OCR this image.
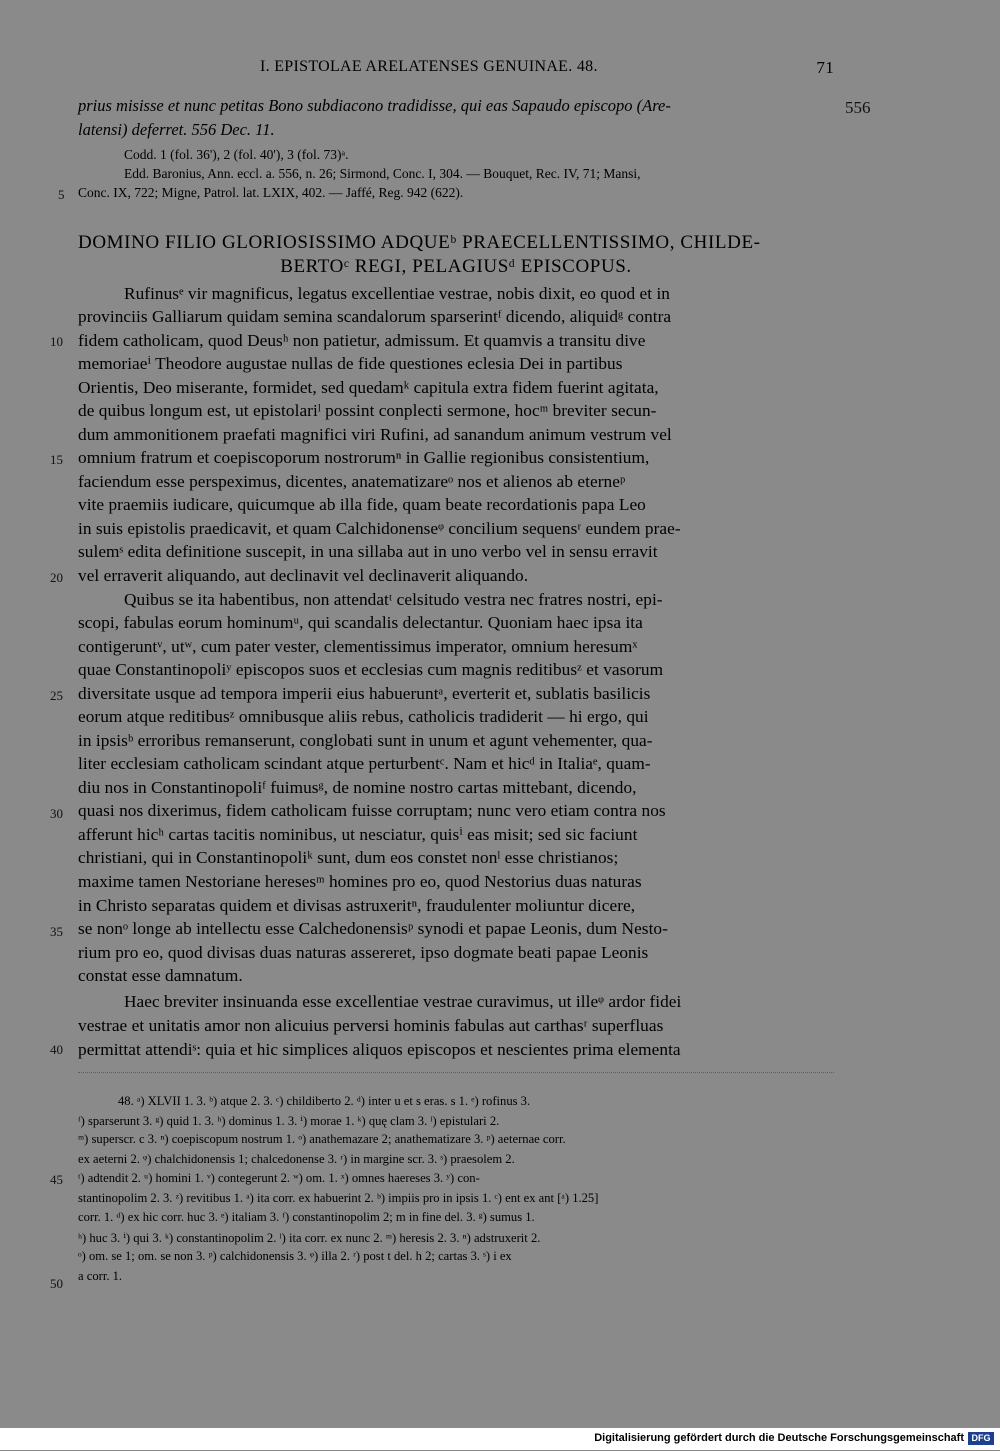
I. EPISTOLAE ARELATENSES GENUINAE. 48.	71
556
5
10
15
20
25
30
35
40
45
50
prius misisse et nunc petitas Bono subdiacono tradidisse, qui eas Sapaudo episcopo (Are-
latensi) deferret. 556 Dec. 11.
Codd. 1 (fol. 36'), 2 (fol. 40'), 3 (fol. 73)ᵃ.
Edd. Baronius, Ann. eccl. a. 556, n. 26; Sirmond, Conc. I, 304. — Bouquet, Rec. IV, 71; Mansi,
Conc. IX, 722; Migne, Patrol. lat. LXIX, 402. — Jaffé, Reg. 942 (622).
DOMINO FILIO GLORIOSISSIMO ADQUEᵇ PRAECELLENTISSIMO, CHILDE-
BERTOᶜ REGI, PELAGIUSᵈ EPISCOPUS.
Rufinusᵉ vir magnificus, legatus excellentiae vestrae, nobis dixit, eo quod et in
provinciis Galliarum quidam semina scandalorum sparserintᶠ dicendo, aliquidᵍ contra
fidem catholicam, quod Deusʰ non patietur, admissum. Et quamvis a transitu dive
memoriaeⁱ Theodore augustae nullas de fide questiones eclesia Dei in partibus
Orientis, Deo miserante, formidet, sed quedamᵏ capitula extra fidem fuerint agitata,
de quibus longum est, ut epistolariˡ possint conplecti sermone, hocᵐ breviter secun-
dum ammonitionem praefati magnifici viri Rufini, ad sanandum animum vestrum vel
omnium fratrum et coepiscoporum nostrorumⁿ in Gallie regionibus consistentium,
faciendum esse perspeximus, dicentes, anatematizareᵒ nos et alienos ab eterneᵖ
vite praemiis iudicare, quicumque ab illa fide, quam beate recordationis papa Leo
in suis epistolis praedicavit, et quam Calchidonenseᵠ concilium sequensʳ eundem prae-
sulemˢ edita definitione suscepit, in una sillaba aut in uno verbo vel in sensu erravit
vel erraverit aliquando, aut declinavit vel declinaverit aliquando.
Quibus se ita habentibus, non attendatᵗ celsitudo vestra nec fratres nostri, epi-
scopi, fabulas eorum hominumᵘ, qui scandalis delectantur. Quoniam haec ipsa ita
contigeruntᵛ, utʷ, cum pater vester, clementissimus imperator, omnium heresumˣ
quae Constantinopoliʸ episcopos suos et ecclesias cum magnis reditibusᶻ et vasorum
diversitate usque ad tempora imperii eius habueruntᵃ, everterit et, sublatis basilicis
eorum atque reditibusᶻ omnibusque aliis rebus, catholicis tradiderit — hi ergo, qui
in ipsisᵇ erroribus remanserunt, conglobati sunt in unum et agunt vehementer, qua-
liter ecclesiam catholicam scindant atque perturbentᶜ. Nam et hicᵈ in Italiaᵉ, quam-
diu nos in Constantinopoliᶠ fuimusᵍ, de nomine nostro cartas mittebant, dicendo,
quasi nos dixerimus, fidem catholicam fuisse corruptam; nunc vero etiam contra nos
afferunt hicʰ cartas tacitis nominibus, ut nesciatur, quisⁱ eas misit; sed sic faciunt
christiani, qui in Constantinopoliᵏ sunt, dum eos constet nonˡ esse christianos;
maxime tamen Nestoriane heresesᵐ homines pro eo, quod Nestorius duas naturas
in Christo separatas quidem et divisas astruxeritⁿ, fraudulenter moliuntur dicere,
se nonᵒ longe ab intellectu esse Calchedonensisᵖ synodi et papae Leonis, dum Nesto-
rium pro eo, quod divisas duas naturas assereret, ipso dogmate beati papae Leonis
constat esse damnatum.
Haec breviter insinuanda esse excellentiae vestrae curavimus, ut illeᵠ ardor fidei
vestrae et unitatis amor non alicuius perversi hominis fabulas aut carthasʳ superfluas
permittat attendiˢ: quia et hic simplices aliquos episcopos et nescientes prima elementa
48. ᵃ) XLVII 1. 3. ᵇ) atque 2. 3. ᶜ) childiberto 2. ᵈ) inter u et s eras. s 1. ᵉ) rofinus 3.
ᶠ) sparserunt 3. ᵍ) quid 1. 3. ʰ) dominus 1. 3. ⁱ) morae 1. ᵏ) quę clam 3. ˡ) epistulari 2.
ᵐ) superscr. c 3. ⁿ) coepiscopum nostrum 1. ᵒ) anathemazare 2; anathematizare 3. ᵖ) aeternae corr.
ex aeterni 2. ᵠ) chalchidonensis 1; chalcedonense 3. ʳ) in margine scr. 3. ˢ) praesolem 2.
ᵗ) adtendit 2. ᵘ) homini 1. ᵛ) contegerunt 2. ʷ) om. 1. ˣ) omnes haereses 3. ʸ) con-
stantinopolim 2. 3. ᶻ) revitibus 1. ᵃ) ita corr. ex habuerint 2. ᵇ) impiis pro in ipsis 1. ᶜ) ent ex ant [ᵃ) 1.25]
corr. 1. ᵈ) ex hic corr. huc 3. ᵉ) italiam 3. ᶠ) constantinopolim 2; m in fine del. 3. ᵍ) sumus 1.
ʰ) huc 3. ⁱ) qui 3. ᵏ) constantinopolim 2. ˡ) ita corr. ex nunc 2. ᵐ) heresis 2. 3. ⁿ) adstruxerit 2.
ᵒ) om. se 1; om. se non 3. ᵖ) calchidonensis 3. ᵠ) illa 2. ʳ) post t del. h 2; cartas 3. ˢ) i ex
a corr. 1.
Digitalisierung gefördert durch die Deutsche Forschungsgemeinschaft DFG
